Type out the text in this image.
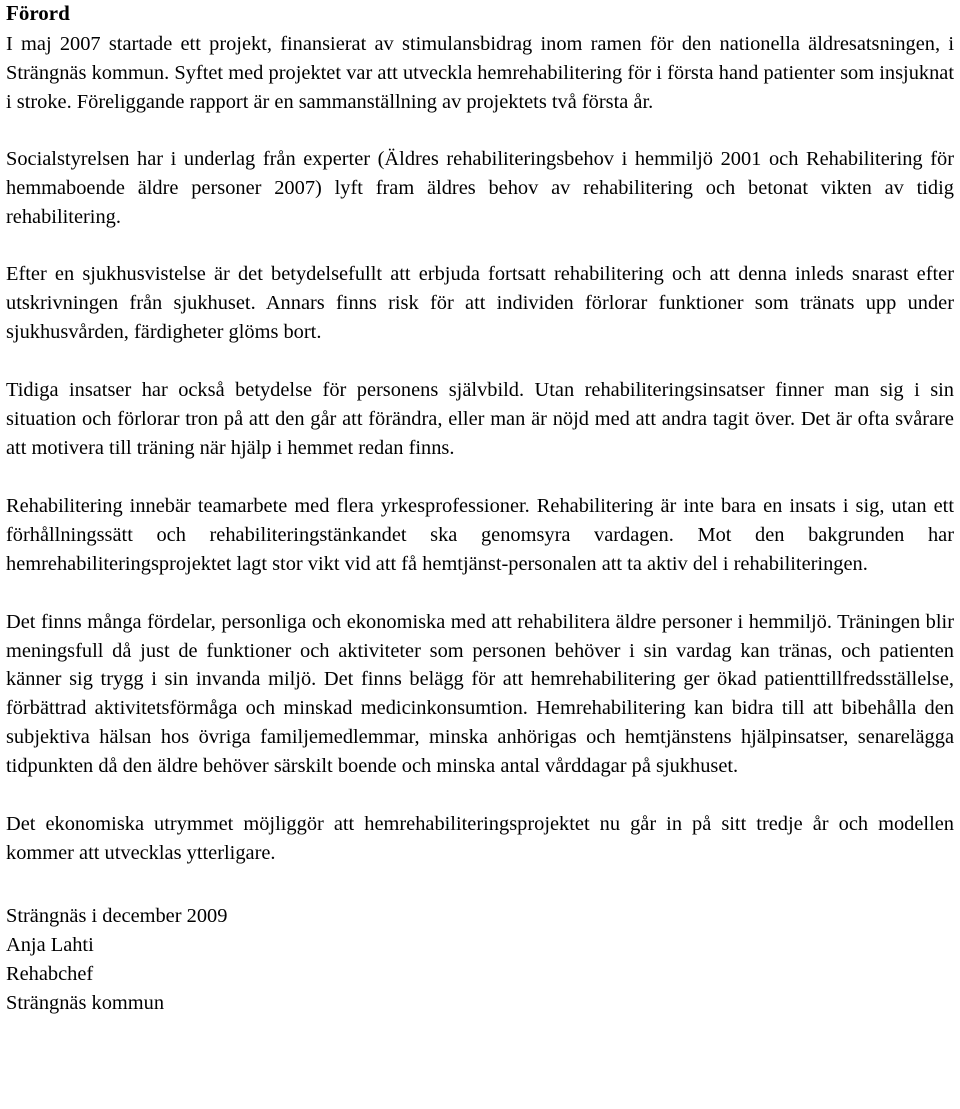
Förord

I maj 2007 startade ett projekt, finansierat av stimulansbidrag inom ramen för den nationella äldresatsningen, i Strängnäs kommun. Syftet med projektet var att utveckla hemrehabilitering för i första hand patienter som insjuknat i stroke. Föreliggande rapport är en sammanställning av projektets två första år.

Socialstyrelsen har i underlag från experter (Äldres rehabiliteringsbehov i hemmiljö 2001 och Rehabilitering för hemmaboende äldre personer 2007) lyft fram äldres behov av rehabilitering och betonat vikten av tidig rehabilitering.

Efter en sjukhusvistelse är det betydelsefullt att erbjuda fortsatt rehabilitering och att denna inleds snarast efter utskrivningen från sjukhuset. Annars finns risk för att individen förlorar funktioner som tränats upp under sjukhusvården, färdigheter glöms bort.

Tidiga insatser har också betydelse för personens självbild. Utan rehabiliteringsinsatser finner man sig i sin situation och förlorar tron på att den går att förändra, eller man är nöjd med att andra tagit över. Det är ofta svårare att motivera till träning när hjälp i hemmet redan finns.

Rehabilitering innebär teamarbete med flera yrkesprofessioner. Rehabilitering är inte bara en insats i sig, utan ett förhållningssätt och rehabiliteringstänkandet ska genomsyra vardagen. Mot den bakgrunden har hemrehabiliteringsprojektet lagt stor vikt vid att få hemtjänst-personalen att ta aktiv del i rehabiliteringen.

Det finns många fördelar, personliga och ekonomiska med att rehabilitera äldre personer i hemmiljö. Träningen blir meningsfull då just de funktioner och aktiviteter som personen behöver i sin vardag kan tränas, och patienten känner sig trygg i sin invanda miljö. Det finns belägg för att hemrehabilitering ger ökad patienttillfredsställelse, förbättrad aktivitetsförmåga och minskad medicinkonsumtion. Hemrehabilitering kan bidra till att bibehålla den subjektiva hälsan hos övriga familjemedlemmar, minska anhörigas och hemtjänstens hjälpinsatser, senarelägga tidpunkten då den äldre behöver särskilt boende och minska antal vårddagar på sjukhuset.

Det ekonomiska utrymmet möjliggör att hemrehabiliteringsprojektet nu går in på sitt tredje år och modellen kommer att utvecklas ytterligare.

Strängnäs i december 2009
Anja Lahti
Rehabchef
Strängnäs kommun
